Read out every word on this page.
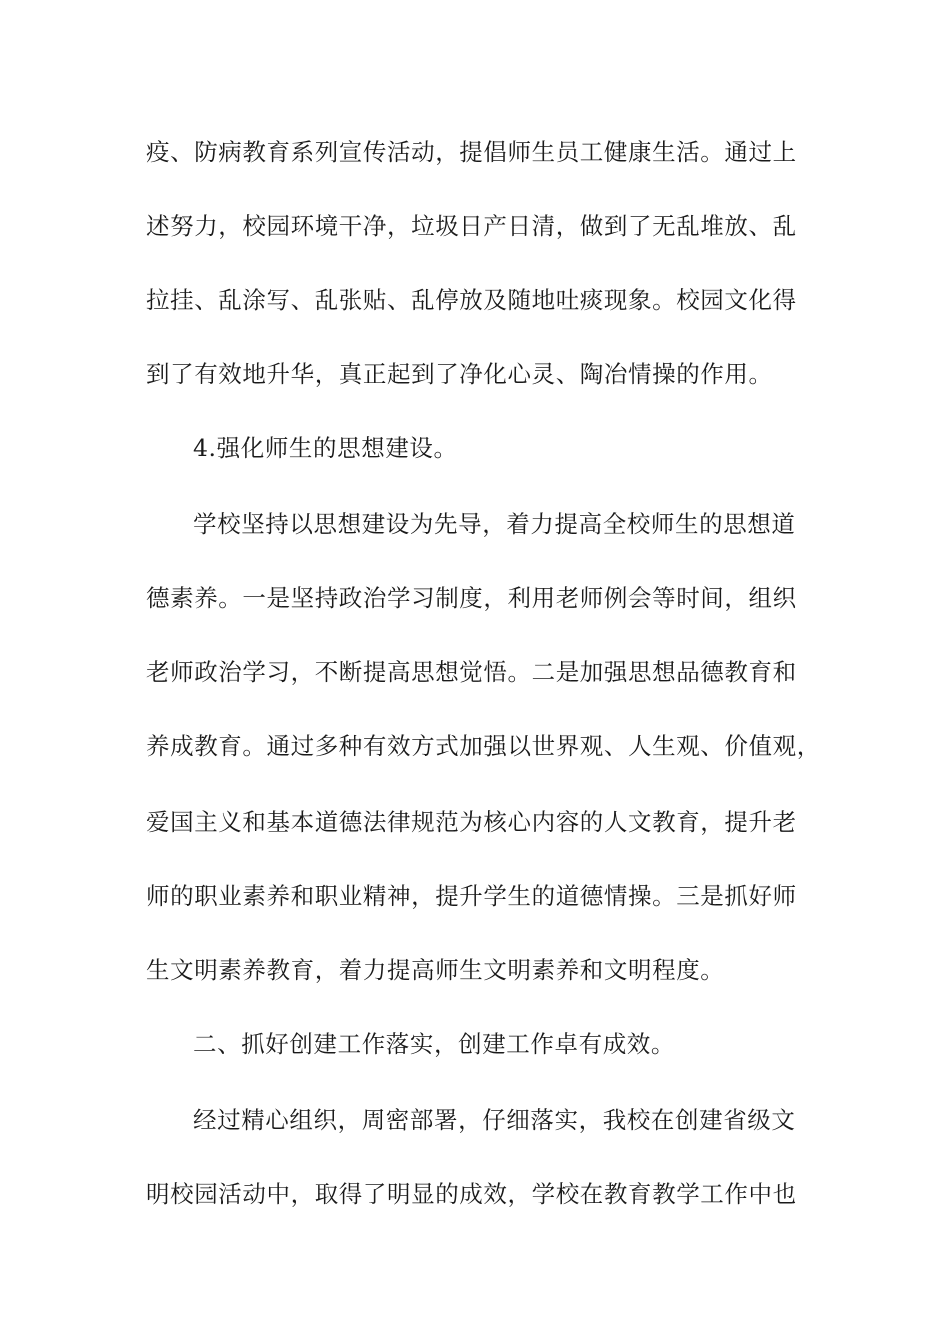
疫、防病教育系列宣传活动，提倡师生员工健康生活。通过上
述努力，校园环境干净，垃圾日产日清，做到了无乱堆放、乱
拉挂、乱涂写、乱张贴、乱停放及随地吐痰现象。校园文化得
到了有效地升华，真正起到了净化心灵、陶冶情操的作用。
4.强化师生的思想建设。
学校坚持以思想建设为先导，着力提高全校师生的思想道
德素养。一是坚持政治学习制度，利用老师例会等时间，组织
老师政治学习，不断提高思想觉悟。二是加强思想品德教育和
养成教育。通过多种有效方式加强以世界观、人生观、价值观，
爱国主义和基本道德法律规范为核心内容的人文教育，提升老
师的职业素养和职业精神，提升学生的道德情操。三是抓好师
生文明素养教育，着力提高师生文明素养和文明程度。
二、抓好创建工作落实，创建工作卓有成效。
经过精心组织，周密部署，仔细落实，我校在创建省级文
明校园活动中，取得了明显的成效，学校在教育教学工作中也
